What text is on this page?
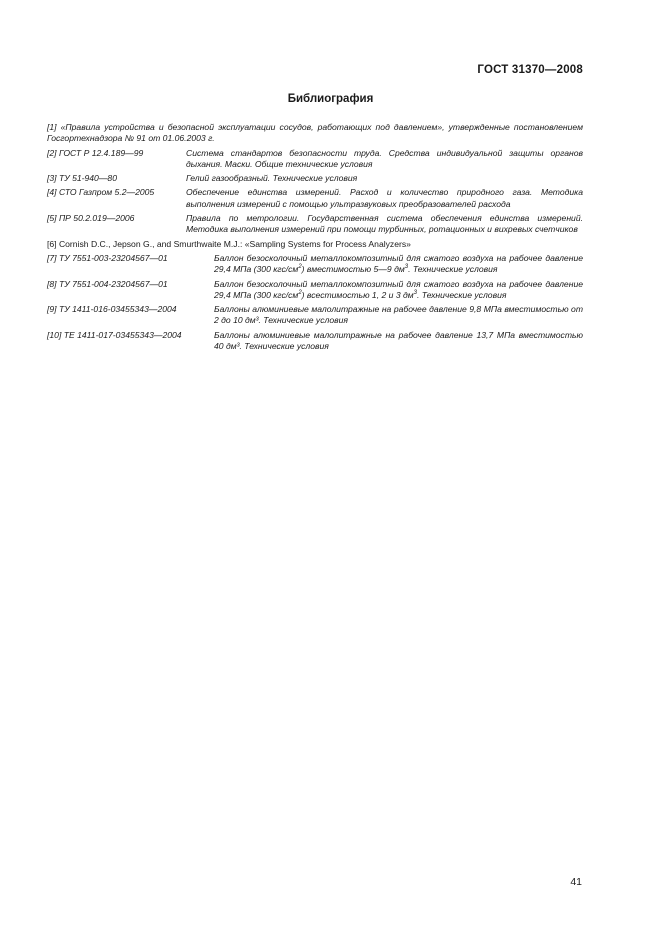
ГОСТ 31370—2008
Библиография
[1] «Правила устройства и безопасной эксплуатации сосудов, работающих под давлением», утвержденные постановлением Госгортехнадзора № 91 от 01.06.2003 г.
[2] ГОСТ Р 12.4.189—99	Система стандартов безопасности труда. Средства индивидуальной защиты органов дыхания. Маски. Общие технические условия
[3] ТУ 51-940—80	Гелий газообразный. Технические условия
[4] СТО Газпром 5.2—2005	Обеспечение единства измерений. Расход и количество природного газа. Методика выполнения измерений с помощью ультразвуковых преобразователей расхода
[5] ПР 50.2.019—2006	Правила по метрологии. Государственная система обеспечения единства измерений. Методика выполнения измерений при помощи турбинных, ротационных и вихревых счетчиков
[6] Cornish D.C., Jepson G., and Smurthwaite M.J.: «Sampling Systems for Process Analyzers»
[7] ТУ 7551-003-23204567—01	Баллон безосколочный металлокомпозитный для сжатого воздуха на рабочее давление 29,4 МПа (300 кгс/$см^2$) вместимостью 5—9 $дм^3$. Технические условия
[8] ТУ 7551-004-23204567—01	Баллон безосколочный металлокомпозитный для сжатого воздуха на рабочее давление 29,4 МПа (300 кгс/$см^2$) всестимостью 1, 2 и 3 $дм^3$. Технические условия
[9] ТУ 1411-016-03455343—2004	Баллоны алюминиевые малолитражные на рабочее давление 9,8 МПа вместимостью от 2 до 10 дм³. Технические условия
[10] ТЕ 1411-017-03455343—2004	Баллоны алюминиевые малолитражные на рабочее давление 13,7 МПа вместимостью 40 дм³. Технические условия
41
